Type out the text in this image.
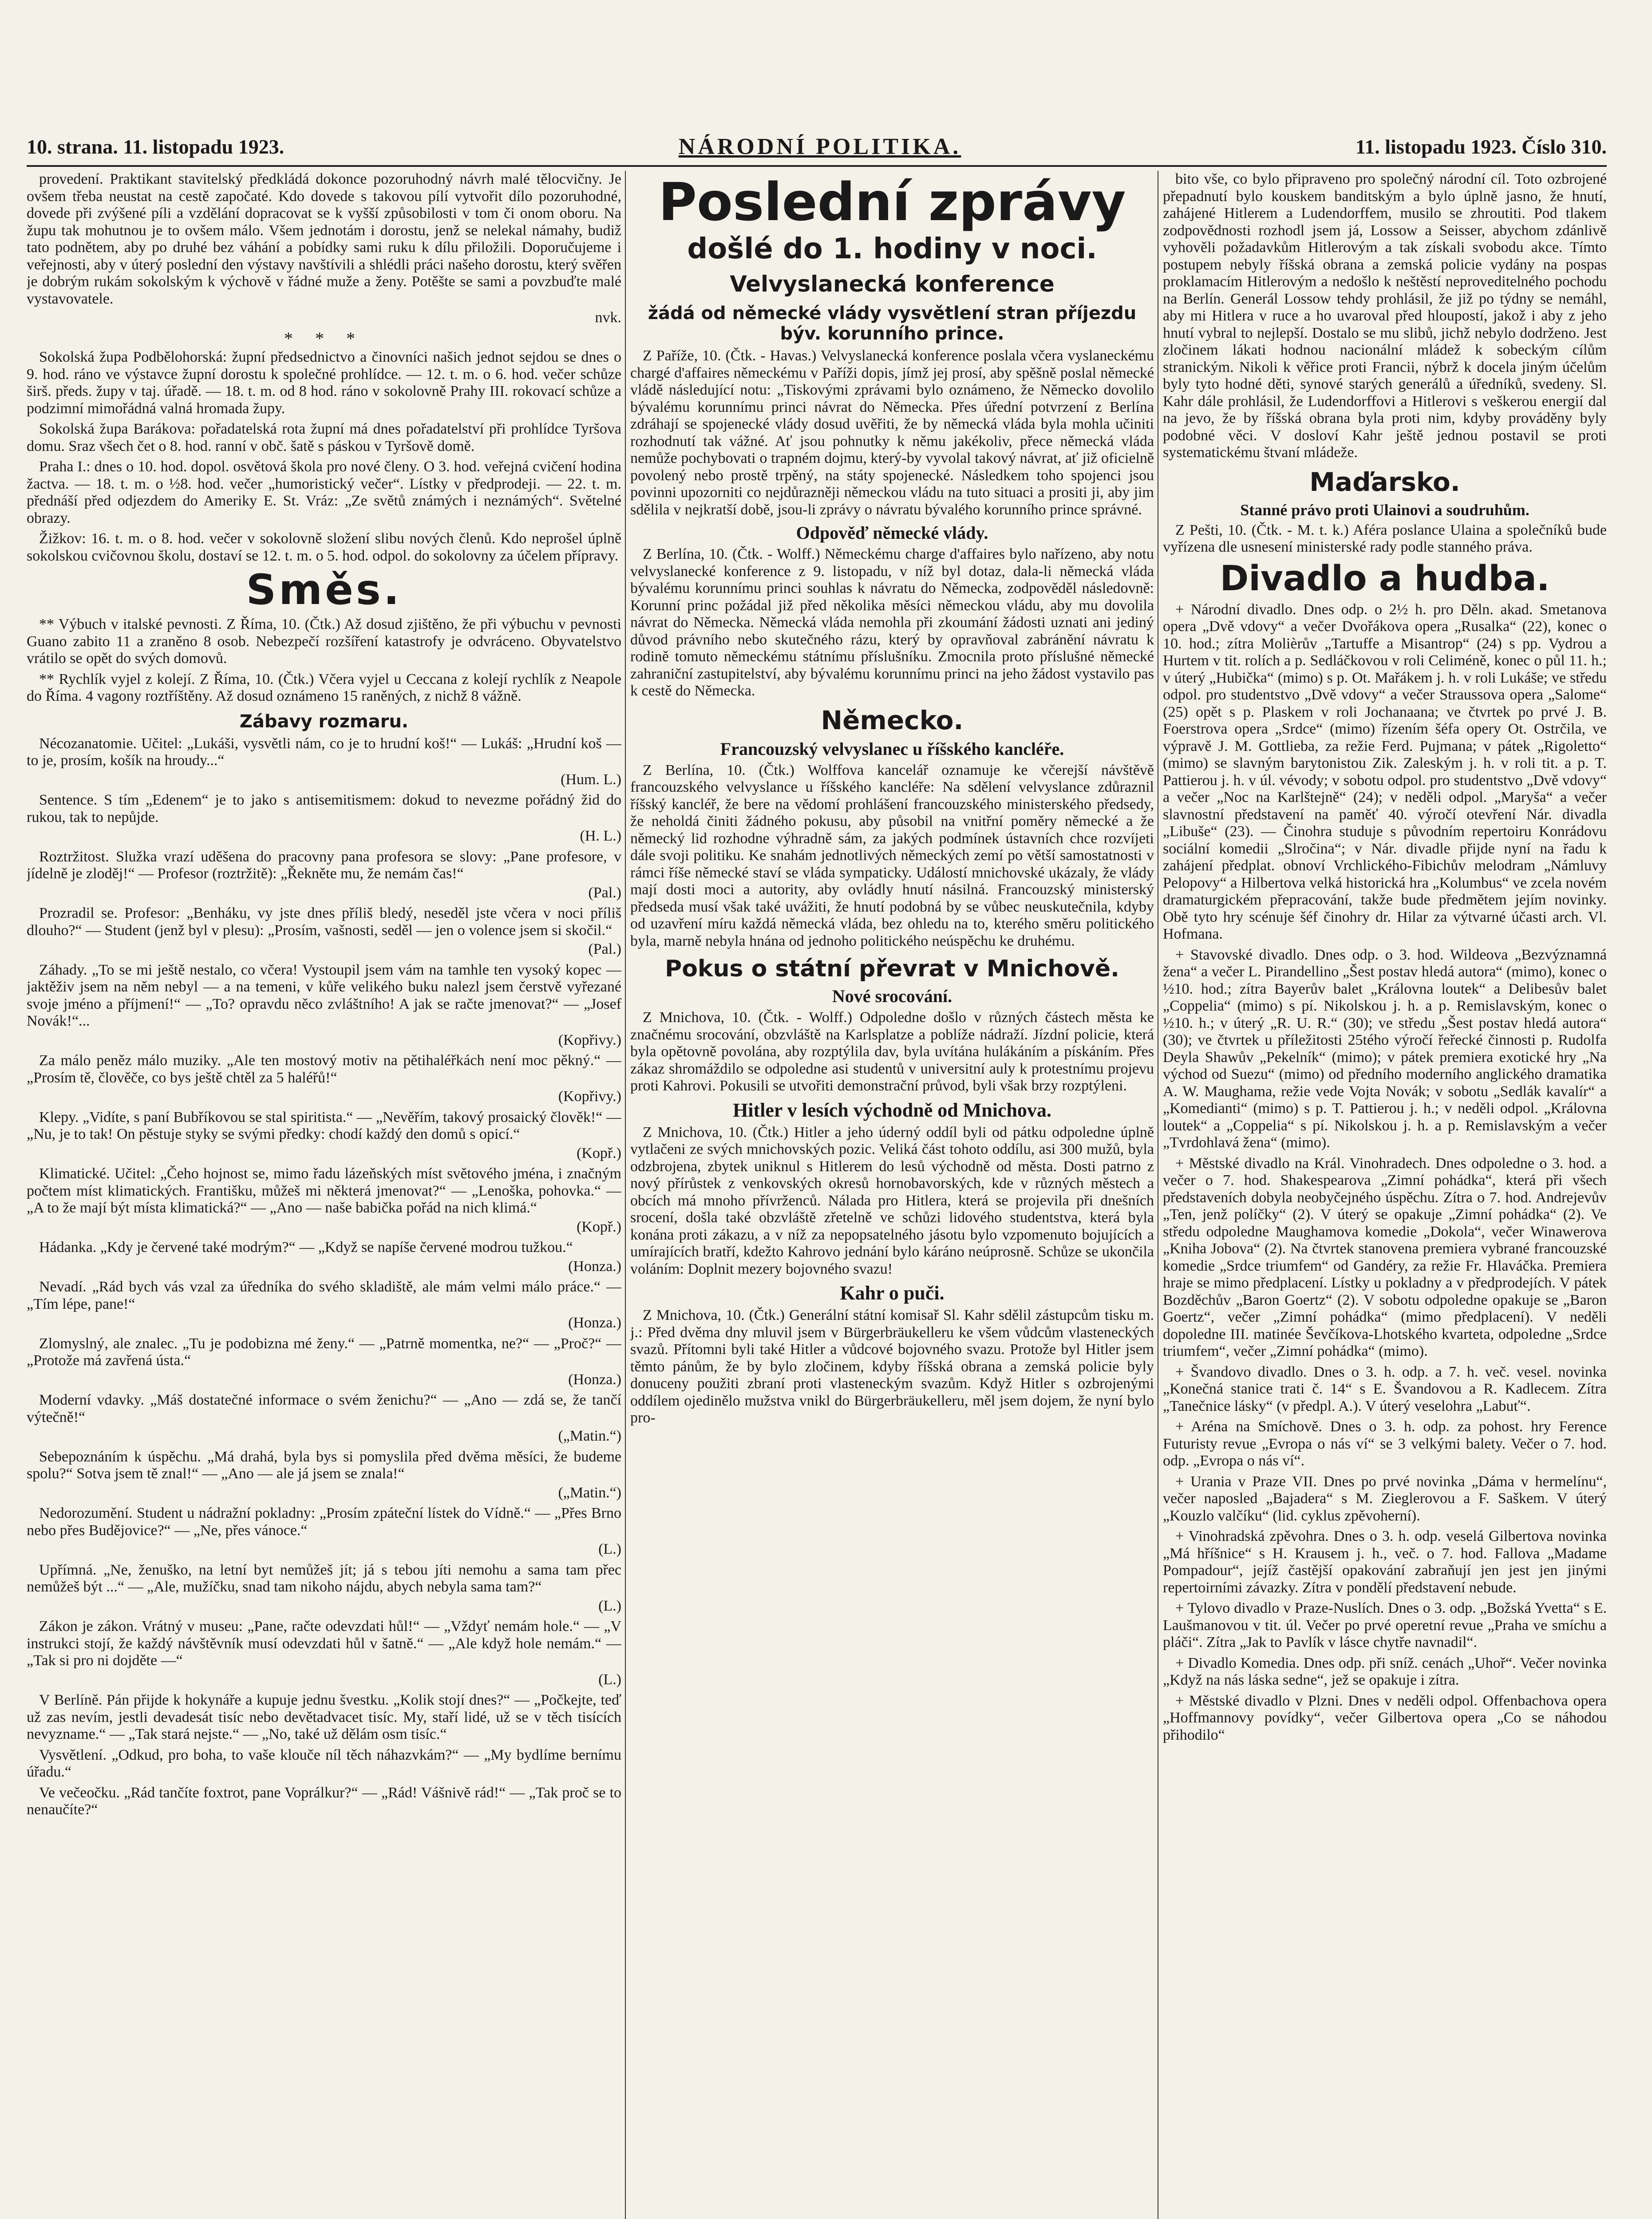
10. strana. 11. listopadu 1923.	NÁRODNÍ POLITIKA.	11. listopadu 1923. Číslo 310.

provedení. Praktikant stavitelský předkládá dokonce pozoruhodný návrh malé tělocvičny. Je ovšem třeba neustat na cestě započaté. Kdo dovede s takovou pílí vytvořit dílo pozoruhodné, dovede při zvýšené píli a vzdělání dopracovat se k vyšší způsobilosti v tom či onom oboru. Na župu tak mohutnou je to ovšem málo. Všem jednotám i dorostu, jenž se nelekal námahy, budiž tato podnětem, aby po druhé bez váhání a pobídky sami ruku k dílu přiložili. Doporučujeme i veřejnosti, aby v úterý poslední den výstavy navštívili a shlédli práci našeho dorostu, který svěřen je dobrým rukám sokolským k výchově v řádné muže a ženy. Potěšte se sami a povzbuďte malé vystavovatele.

nvk.
* * *

Sokolská župa Podbělohorská: župní předsednictvo a činovníci našich jednot sejdou se dnes o 9. hod. ráno ve výstavce župní dorostu k společné prohlídce. — 12. t. m. o 6. hod. večer schůze širš. předs. župy v taj. úřadě. — 18. t. m. od 8 hod. ráno v sokolovně Prahy III. rokovací schůze a podzimní mimořádná valná hromada župy.

Sokolská župa Barákova: pořadatelská rota župní má dnes pořadatelství při prohlídce Tyršova domu. Sraz všech čet o 8. hod. ranní v obč. šatě s páskou v Tyršově domě.

Praha I.: dnes o 10. hod. dopol. osvětová škola pro nové členy. O 3. hod. veřejná cvičení hodina žactva. — 18. t. m. o ½8. hod. večer „humoristický večer“. Lístky v předprodeji. — 22. t. m. přednáší před odjezdem do Ameriky E. St. Vráz: „Ze světů známých i neznámých“. Světelné obrazy.

Žižkov: 16. t. m. o 8. hod. večer v sokolovně složení slibu nových členů. Kdo neprošel úplně sokolskou cvičovnou školu, dostaví se 12. t. m. o 5. hod. odpol. do sokolovny za účelem přípravy.

Směs.

** Výbuch v italské pevnosti. Z Říma, 10. (Čtk.) Až dosud zjištěno, že při výbuchu v pevnosti Guano zabito 11 a zraněno 8 osob. Nebezpečí rozšíření katastrofy je odvráceno. Obyvatelstvo vrátilo se opět do svých domovů.

** Rychlík vyjel z kolejí. Z Říma, 10. (Čtk.) Včera vyjel u Ceccana z kolejí rychlík z Neapole do Říma. 4 vagony roztříštěny. Až dosud oznámeno 15 raněných, z nichž 8 vážně.

Zábavy rozmaru.

Nécozanatomie. Učitel: „Lukáši, vysvětli nám, co je to hrudní koš!“ — Lukáš: „Hrudní koš — to je, prosím, košík na hroudy...“

(Hum. L.)

Sentence. S tím „Edenem“ je to jako s antisemitismem: dokud to nevezme pořádný žid do rukou, tak to nepůjde.

(H. L.)

Roztržitost. Služka vrazí uděšena do pracovny pana profesora se slovy: „Pane profesore, v jídelně je zloděj!“ — Profesor (roztržitě): „Řekněte mu, že nemám čas!“

(Pal.)

Prozradil se. Profesor: „Benháku, vy jste dnes příliš bledý, neseděl jste včera v noci příliš dlouho?“ — Student (jenž byl v plesu): „Prosím, vašnosti, seděl — jen o volence jsem si skočil.“

(Pal.)

Záhady. „To se mi ještě nestalo, co včera! Vystoupil jsem vám na tamhle ten vysoký kopec — jaktěživ jsem na něm nebyl — a na temeni, v kůře velikého buku nalezl jsem čerstvě vyřezané svoje jméno a příjmení!“ — „To? opravdu něco zvláštního! A jak se račte jmenovat?“ — „Josef Novák!“...

(Kopřivy.)

Za málo peněz málo muziky. „Ale ten mostový motiv na pětihaléřkách není moc pěkný.“ — „Prosím tě, člověče, co bys ještě chtěl za 5 haléřů!“

(Kopřivy.)

Klepy. „Vidíte, s paní Bubříkovou se stal spiritista.“ — „Nevěřím, takový prosaický člověk!“ — „Nu, je to tak! On pěstuje styky se svými předky: chodí každý den domů s opicí.“

(Kopř.)

Klimatické. Učitel: „Čeho hojnost se, mimo řadu lázeňských míst světového jména, i značným počtem míst klimatických. Františku, můžeš mi některá jmenovat?“ — „Lenoška, pohovka.“ — „A to že mají být místa klimatická?“ — „Ano — naše babička pořád na nich klimá.“

(Kopř.)

Hádanka. „Kdy je červené také modrým?“ — „Když se napíše červené modrou tužkou.“

(Honza.)

Nevadí. „Rád bych vás vzal za úředníka do svého skladiště, ale mám velmi málo práce.“ — „Tím lépe, pane!“

(Honza.)

Zlomyslný, ale znalec. „Tu je podobizna mé ženy.“ — „Patrně momentka, ne?“ — „Proč?“ — „Protože má zavřená ústa.“

(Honza.)

Moderní vdavky. „Máš dostatečné informace o svém ženichu?“ — „Ano — zdá se, že tančí výtečně!“

(„Matin.“)

Sebepoznáním k úspěchu. „Má drahá, byla bys si pomyslila před dvěma měsíci, že budeme spolu?“ Sotva jsem tě znal!“ — „Ano — ale já jsem se znala!“

(„Matin.“)

Nedorozumění. Student u nádražní pokladny: „Prosím zpáteční lístek do Vídně.“ — „Přes Brno nebo přes Budějovice?“ — „Ne, přes vánoce.“

(L.)

Upřímná. „Ne, ženuško, na letní byt nemůžeš jít; já s tebou jíti nemohu a sama tam přec nemůžeš být ...“ — „Ale, mužíčku, snad tam nikoho nájdu, abych nebyla sama tam?“

(L.)

Zákon je zákon. Vrátný v museu: „Pane, račte odevzdati hůl!“ — „Vždyť nemám hole.“ — „V instrukci stojí, že každý návštěvník musí odevzdati hůl v šatně.“ — „Ale když hole nemám.“ — „Tak si pro ni dojděte —“

(L.)

V Berlíně. Pán přijde k hokynáře a kupuje jednu švestku. „Kolik stojí dnes?“ — „Počkejte, teď už zas nevím, jestli devadesát tisíc nebo devětadvacet tisíc. My, staří lidé, už se v těch tisících nevyzname.“ — „Tak stará nejste.“ — „No, také už dělám osm tisíc.“

Vysvětlení. „Odkud, pro boha, to vaše klouče níl těch náhazvkám?“ — „My bydlíme bernímu úřadu.“

Ve večeočku. „Rád tančíte foxtrot, pane Voprálkur?“ — „Rád! Vášnivě rád!“ — „Tak proč se to nenaučíte?“

Poslední zprávy
došlé do 1. hodiny v noci.
Velvyslanecká konference
žádá od německé vlády vysvětlení stran příjezdu býv. korunního prince.

Z Paříže, 10. (Čtk. - Havas.) Velvyslanecká konference poslala včera vyslaneckému chargé d'affaires německému v Paříži dopis, jímž jej prosí, aby spěšně poslal německé vládě následující notu: „Tiskovými zprávami bylo oznámeno, že Německo dovolilo bývalému korunnímu princi návrat do Německa. Přes úřední potvrzení z Berlína zdráhají se spojenecké vlády dosud uvěřiti, že by německá vláda byla mohla učiniti rozhodnutí tak vážné. Ať jsou pohnutky k němu jakékoliv, přece německá vláda nemůže pochybovati o trapném dojmu, který-by vyvolal takový návrat, ať již oficielně povolený nebo prostě trpěný, na státy spojenecké. Následkem toho spojenci jsou povinni upozorniti co nejdůrazněji německou vládu na tuto situaci a prositi ji, aby jim sdělila v nejkratší době, jsou-li zprávy o návratu bývalého korunního prince správné.

Odpověď německé vlády.

Z Berlína, 10. (Čtk. - Wolff.) Německému charge d'affaires bylo nařízeno, aby notu velvyslanecké konference z 9. listopadu, v níž byl dotaz, dala-li německá vláda bývalému korunnímu princi souhlas k návratu do Německa, zodpověděl následovně: Korunní princ požádal již před několika měsíci německou vládu, aby mu dovolila návrat do Německa. Německá vláda nemohla při zkoumání žádosti uznati ani jediný důvod právního nebo skutečného rázu, který by opravňoval zabránění návratu k rodině tomuto německému státnímu příslušníku. Zmocnila proto příslušné německé zahraniční zastupitelství, aby bývalému korunnímu princi na jeho žádost vystavilo pas k cestě do Německa.

Německo.
Francouzský velvyslanec u říšského kancléře.

Z Berlína, 10. (Čtk.) Wolffova kancelář oznamuje ke včerejší návštěvě francouzského velvyslance u říšského kancléře: Na sdělení velvyslance zdůraznil říšský kancléř, že bere na vědomí prohlášení francouzského ministerského předsedy, že neholdá činiti žádného pokusu, aby působil na vnitřní poměry německé a že německý lid rozhodne výhradně sám, za jakých podmínek ústavních chce rozvíjeti dále svoji politiku. Ke snahám jednotlivých německých zemí po větší samostatnosti v rámci říše německé staví se vláda sympaticky. Událostí mnichovské ukázaly, že vlády mají dosti moci a autority, aby ovládly hnutí násilná. Francouzský ministerský předseda musí však také uvážiti, že hnutí podobná by se vůbec neuskutečnila, kdyby od uzavření míru každá německá vláda, bez ohledu na to, kterého směru politického byla, marně nebyla hnána od jednoho politického neúspěchu ke druhému.

Pokus o státní převrat v Mnichově.
Nové srocování.

Z Mnichova, 10. (Čtk. - Wolff.) Odpoledne došlo v různých částech města ke značnému srocování, obzvláště na Karlsplatze a poblíže nádraží. Jízdní policie, která byla opětovně povolána, aby rozptýlila dav, byla uvítána hulákáním a pískáním. Přes zákaz shromáždilo se odpoledne asi studentů v universitní auly k protestnímu projevu proti Kahrovi. Pokusili se utvořiti demonstrační průvod, byli však brzy rozptýleni.

Hitler v lesích východně od Mnichova.

Z Mnichova, 10. (Čtk.) Hitler a jeho úderný oddíl byli od pátku odpoledne úplně vytlačeni ze svých mnichovských pozic. Veliká část tohoto oddílu, asi 300 mužů, byla odzbrojena, zbytek uniknul s Hitlerem do lesů východně od města. Dosti patrno z nový přírůstek z venkovských okresů hornobavorských, kde v různých městech a obcích má mnoho přívrženců. Nálada pro Hitlera, která se projevila při dnešních srocení, došla také obzvláště zřetelně ve schůzi lidového studentstva, která byla konána proti zákazu, a v níž za nepopsatelného jásotu bylo vzpomenuto bojujících a umírajících bratří, kdežto Kahrovo jednání bylo káráno neúprosně. Schůze se ukončila voláním: Doplnit mezery bojovného svazu!

Kahr o puči.

Z Mnichova, 10. (Čtk.) Generální státní komisař Sl. Kahr sdělil zástupcům tisku m. j.: Před dvěma dny mluvil jsem v Bürgerbräukelleru ke všem vůdcům vlasteneckých svazů. Přítomni byli také Hitler a vůdcové bojovného svazu. Protože byl Hitler jsem těmto pánům, že by bylo zločinem, kdyby říšská obrana a zemská policie byly donuceny použiti zbraní proti vlasteneckým svazům. Když Hitler s ozbrojenými oddílem ojedinělo mužstva vnikl do Bürgerbräukelleru, měl jsem dojem, že nyní bylo pro-

bito vše, co bylo připraveno pro společný národní cíl. Toto ozbrojené přepadnutí bylo kouskem banditským a bylo úplně jasno, že hnutí, zahájené Hitlerem a Ludendorffem, musilo se zhroutiti. Pod tlakem zodpovědnosti rozhodl jsem já, Lossow a Seisser, abychom zdánlivě vyhověli požadavkům Hitlerovým a tak získali svobodu akce. Tímto postupem nebyly říšská obrana a zemská policie vydány na pospas proklamacím Hitlerovým a nedošlo k neštěstí neproveditelného pochodu na Berlín. Generál Lossow tehdy prohlásil, že již po týdny se nemáhl, aby mi Hitlera v ruce a ho uvaroval před hloupostí, jakož i aby z jeho hnutí vybral to nejlepší. Dostalo se mu slibů, jichž nebylo dodrženo. Jest zločinem lákati hodnou nacionální mládež k sobeckým cílům stranickým. Nikoli k věřice proti Francii, nýbrž k docela jiným účelům byly tyto hodné děti, synové starých generálů a úředníků, svedeny. Sl. Kahr dále prohlásil, že Ludendorffovi a Hitlerovi s veškerou energií dal na jevo, že by říšská obrana byla proti nim, kdyby prováděny byly podobné věci. V dosloví Kahr ještě jednou postavil se proti systematickému štvaní mládeže.

Maďarsko.
Stanné právo proti Ulainovi a soudruhům.

Z Pešti, 10. (Čtk. - M. t. k.) Aféra poslance Ulaina a společníků bude vyřízena dle usnesení ministerské rady podle stanného práva.

Divadlo a hudba.

+ Národní divadlo. Dnes odp. o 2½ h. pro Děln. akad. Smetanova opera „Dvě vdovy“ a večer Dvořákova opera „Rusalka“ (22), konec o 10. hod.; zítra Molièrův „Tartuffe a Misantrop“ (24) s pp. Vydrou a Hurtem v tit. rolích a p. Sedláčkovou v roli Celiméně, konec o půl 11. h.; v úterý „Hubička“ (mimo) s p. Ot. Mařákem j. h. v roli Lukáše; ve středu odpol. pro studentstvo „Dvě vdovy“ a večer Straussova opera „Salome“ (25) opět s p. Plaskem v roli Jochanaana; ve čtvrtek po prvé J. B. Foerstrova opera „Srdce“ (mimo) řízením šéfa opery Ot. Ostrčila, ve výpravě J. M. Gottlieba, za režie Ferd. Pujmana; v pátek „Rigoletto“ (mimo) se slavným barytonistou Zik. Zaleským j. h. v roli tit. a p. T. Pattierou j. h. v úl. vévody; v sobotu odpol. pro studentstvo „Dvě vdovy“ a večer „Noc na Karlštejně“ (24); v neděli odpol. „Maryša“ a večer slavnostní představení na paměť 40. výročí otevření Nár. divadla „Libuše“ (23). — Činohra studuje s původním repertoiru Konrádovu sociální komedii „Slročina“; v Nár. divadle přijde nyní na řadu k zahájení předplat. obnoví Vrchlického-Fibichův melodram „Námluvy Pelopovy“ a Hilbertova velká historická hra „Kolumbus“ ve zcela novém dramaturgickém přepracování, takže bude předmětem jejím novinky. Obě tyto hry scénuje šéf činohry dr. Hilar za výtvarné účasti arch. Vl. Hofmana.

+ Stavovské divadlo. Dnes odp. o 3. hod. Wildeova „Bezvýznamná žena“ a večer L. Pirandellino „Šest postav hledá autora“ (mimo), konec o ½10. hod.; zítra Bayerův balet „Královna loutek“ a Delibesův balet „Coppelia“ (mimo) s pí. Nikolskou j. h. a p. Remislavským, konec o ½10. h.; v úterý „R. U. R.“ (30); ve středu „Šest postav hledá autora“ (30); ve čtvrtek u příležitosti 25tého výročí řeřecké činnosti p. Rudolfa Deyla Shawův „Pekelník“ (mimo); v pátek premiera exotické hry „Na východ od Suezu“ (mimo) od předního moderního anglického dramatika A. W. Maughama, režie vede Vojta Novák; v sobotu „Sedlák kavalír“ a „Komedianti“ (mimo) s p. T. Pattierou j. h.; v neděli odpol. „Královna loutek“ a „Coppelia“ s pí. Nikolskou j. h. a p. Remislavským a večer „Tvrdohlavá žena“ (mimo).

+ Městské divadlo na Král. Vinohradech. Dnes odpoledne o 3. hod. a večer o 7. hod. Shakespearova „Zimní pohádka“, která při všech představeních dobyla neobyčejného úspěchu. Zítra o 7. hod. Andrejevův „Ten, jenž políčky“ (2). V úterý se opakuje „Zimní pohádka“ (2). Ve středu odpoledne Maughamova komedie „Dokola“, večer Winawerova „Kniha Jobova“ (2). Na čtvrtek stanovena premiera vybrané francouzské komedie „Srdce triumfem“ od Gandéry, za režie Fr. Hlaváčka. Premiera hraje se mimo předplacení. Lístky u pokladny a v předprodejích. V pátek Bozděchův „Baron Goertz“ (2). V sobotu odpoledne opakuje se „Baron Goertz“, večer „Zimní pohádka“ (mimo předplacení). V neděli dopoledne III. matinée Ševčíkova-Lhotského kvarteta, odpoledne „Srdce triumfem“, večer „Zimní pohádka“ (mimo).

+ Švandovo divadlo. Dnes o 3. h. odp. a 7. h. več. vesel. novinka „Konečná stanice trati č. 14“ s E. Švandovou a R. Kadlecem. Zítra „Tanečnice lásky“ (v předpl. A.). V úterý veselohra „Labuť“.

+ Aréna na Smíchově. Dnes o 3. h. odp. za pohost. hry Ference Futuristy revue „Evropa o nás ví“ se 3 velkými balety. Večer o 7. hod. odp. „Evropa o nás ví“.

+ Urania v Praze VII. Dnes po prvé novinka „Dáma v hermelínu“, večer naposled „Bajadera“ s M. Zieglerovou a F. Saškem. V úterý „Kouzlo valčíku“ (lid. cyklus zpěvoherní).

+ Vinohradská zpěvohra. Dnes o 3. h. odp. veselá Gilbertova novinka „Má hříšnice“ s H. Krausem j. h., več. o 7. hod. Fallova „Madame Pompadour“, jejíž častější opakování zabraňují jen jest jen jinými repertoirními závazky. Zítra v pondělí představení nebude.

+ Tylovo divadlo v Praze-Nuslích. Dnes o 3. odp. „Božská Yvetta“ s E. Laušmanovou v tit. úl. Večer po prvé operetní revue „Praha ve smíchu a pláči“. Zítra „Jak to Pavlík v lásce chytře navnadil“.

+ Divadlo Komedia. Dnes odp. při sníž. cenách „Uhoř“. Večer novinka „Když na nás láska sedne“, jež se opakuje i zítra.

+ Městské divadlo v Plzni. Dnes v neděli odpol. Offenbachova opera „Hoffmannovy povídky“, večer Gilbertova opera „Co se náhodou přihodilo“
